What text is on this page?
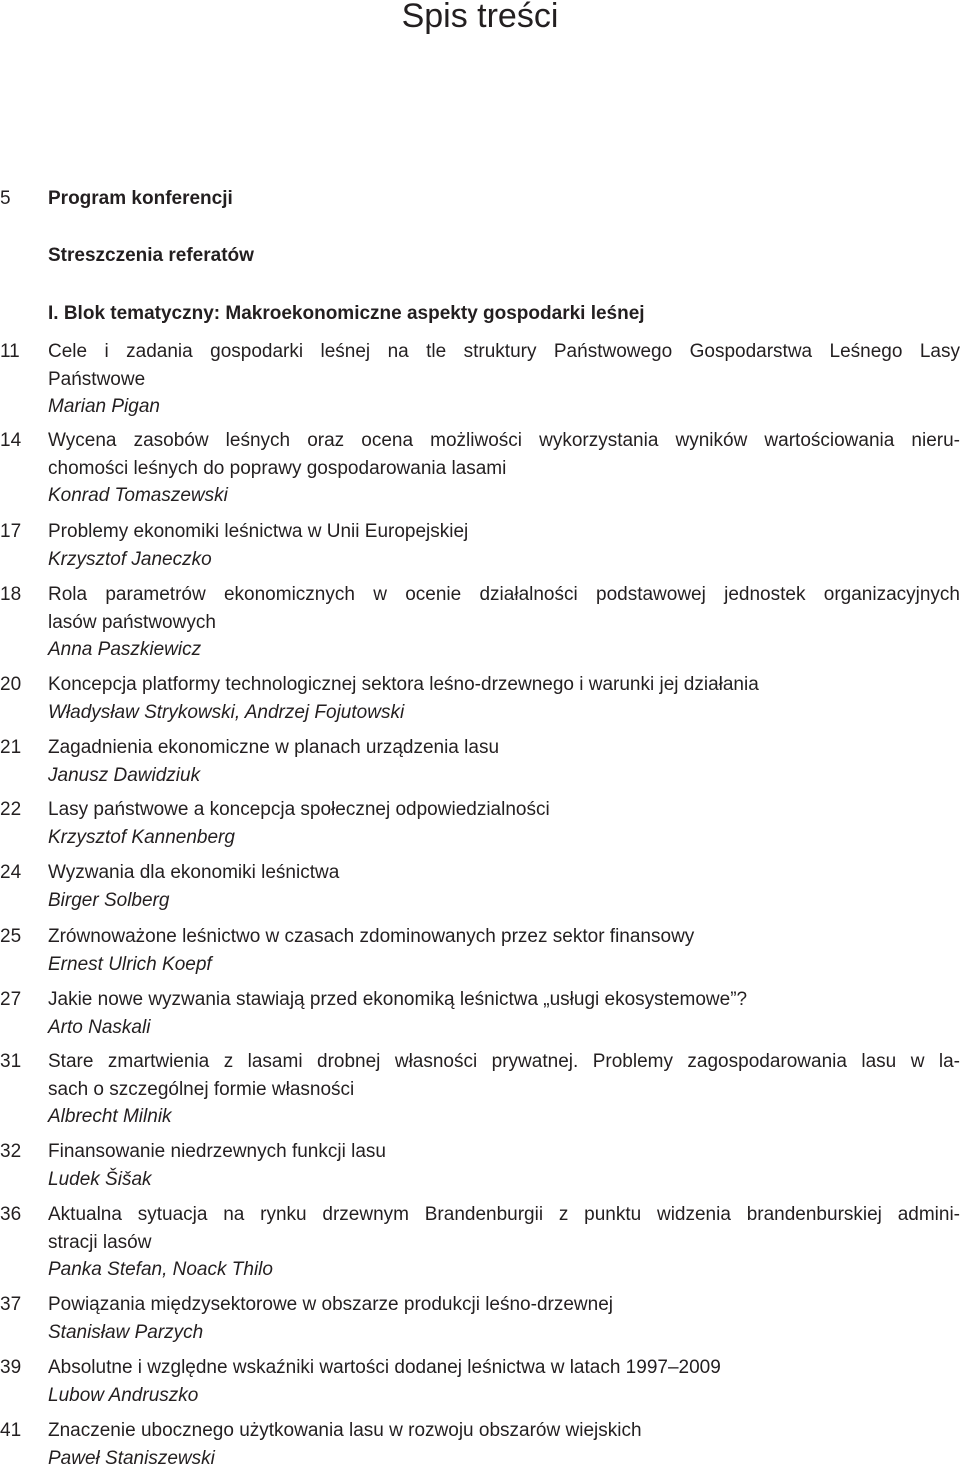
Spis treści
5	Program konferencji
Streszczenia referatów
I. Blok tematyczny: Makroekonomiczne aspekty gospodarki leśnej
11	Cele i zadania gospodarki leśnej na tle struktury Państwowego Gospodarstwa Leśnego Lasy
Państwowe
Marian Pigan
14	Wycena zasobów leśnych oraz ocena możliwości wykorzystania wyników wartościowania nieru-
chomości leśnych do poprawy gospodarowania lasami
Konrad Tomaszewski
17	Problemy ekonomiki leśnictwa w Unii Europejskiej
Krzysztof Janeczko
18	Rola parametrów ekonomicznych w ocenie działalności podstawowej jednostek organizacyjnych
lasów państwowych
Anna Paszkiewicz
20	Koncepcja platformy technologicznej sektora leśno-drzewnego i warunki jej działania
Władysław Strykowski, Andrzej Fojutowski
21	Zagadnienia ekonomiczne w planach urządzenia lasu
Janusz Dawidziuk
22	Lasy państwowe a koncepcja społecznej odpowiedzialności
Krzysztof Kannenberg
24	Wyzwania dla ekonomiki leśnictwa
Birger Solberg
25	Zrównoważone leśnictwo w czasach zdominowanych przez sektor finansowy
Ernest Ulrich Koepf
27	Jakie nowe wyzwania stawiają przed ekonomiką leśnictwa „usługi ekosystemowe”?
Arto Naskali
31	Stare zmartwienia z lasami drobnej własności prywatnej. Problemy zagospodarowania lasu w la-
sach o szczególnej formie własności
Albrecht Milnik
32	Finansowanie niedrzewnych funkcji lasu
Ludek Šišak
36	Aktualna sytuacja na rynku drzewnym Brandenburgii z punktu widzenia brandenburskiej admini-
stracji lasów
Panka Stefan, Noack Thilo
37	Powiązania międzysektorowe w obszarze produkcji leśno-drzewnej
Stanisław Parzych
39	Absolutne i względne wskaźniki wartości dodanej leśnictwa w latach 1997–2009
Lubow Andruszko
41	Znaczenie ubocznego użytkowania lasu w rozwoju obszarów wiejskich
Paweł Staniszewski
